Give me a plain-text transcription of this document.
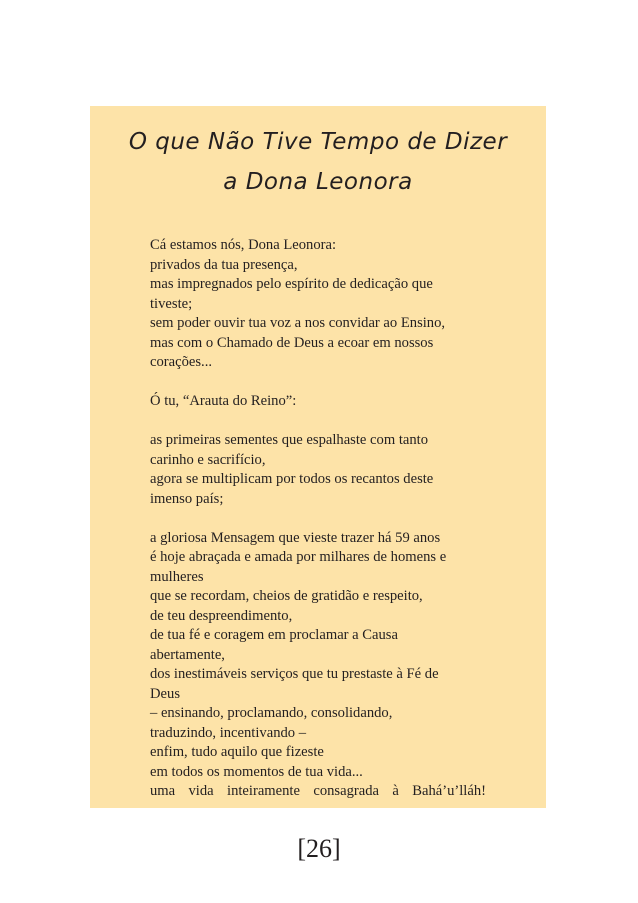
O que Não Tive Tempo de Dizer
a Dona Leonora
Cá estamos nós, Dona Leonora:
privados da tua presença,
mas impregnados pelo espírito de dedicação que
tiveste;
sem poder ouvir tua voz a nos convidar ao Ensino,
mas com o Chamado de Deus a ecoar em nossos
corações...
Ó tu, “Arauta do Reino”:
as primeiras sementes que espalhaste com tanto
carinho e sacrifício,
agora se multiplicam por todos os recantos deste
imenso país;
a gloriosa Mensagem que vieste trazer há 59 anos
é hoje abraçada e amada por milhares de homens e
mulheres
que se recordam, cheios de gratidão e respeito,
de teu despreendimento,
de tua fé e coragem em proclamar a Causa
abertamente,
dos inestimáveis serviços que tu prestaste à Fé de
Deus
– ensinando, proclamando, consolidando,
traduzindo, incentivando –
enfim, tudo aquilo que fizeste
em todos os momentos de tua vida...
uma vida inteiramente consagrada à Bahá’u’lláh!
[26]
